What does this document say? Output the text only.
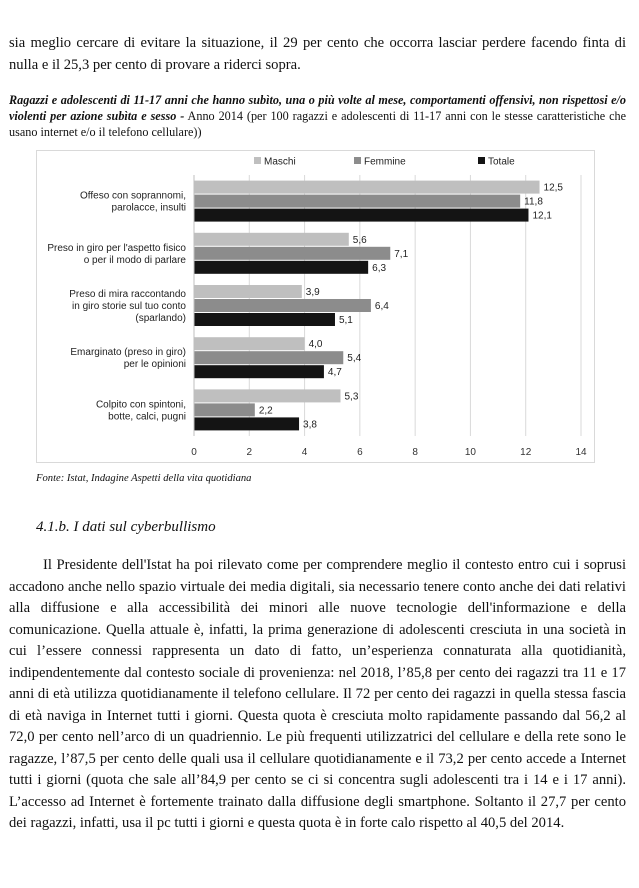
sia meglio cercare di evitare la situazione, il 29 per cento che occorra lasciar perdere facendo finta di nulla e il 25,3 per cento di provare a riderci sopra.

Ragazzi e adolescenti di 11-17 anni che hanno subìto, una o più volte al mese, comportamenti offensivi, non rispettosi e/o violenti per azione subìta e sesso - Anno 2014 (per 100 ragazzi e adolescenti di 11-17 anni con le stesse caratteristiche che usano internet e/o il telefono cellulare))

0	2	4	6	8	10	12	14
Maschi	Femmine	Totale
12,5
11,8
12,1
Offeso con soprannomi,
parolacce, insulti
5,6
7,1
6,3
Preso in giro per l'aspetto fisico
o per il modo di parlare
3,9
6,4
5,1
Preso di mira raccontando
in giro storie sul tuo conto
(sparlando)
4,0
5,4
4,7
Emarginato (preso in giro)
per le opinioni
5,3
2,2
3,8
Colpito con spintoni,
botte, calci, pugni

Fonte: Istat, Indagine Aspetti della vita quotidiana

4.1.b. I dati sul cyberbullismo

Il Presidente dell'Istat ha poi rilevato come per comprendere meglio il contesto entro cui i soprusi accadono anche nello spazio virtuale dei media digitali, sia necessario tenere conto anche dei dati relativi alla diffusione e alla accessibilità dei minori alle nuove tecnologie dell'informazione e della comunicazione. Quella attuale è, infatti, la prima generazione di adolescenti cresciuta in una società in cui l’essere connessi rappresenta un dato di fatto, un’esperienza connaturata alla quotidianità, indipendentemente dal contesto sociale di provenienza: nel 2018, l’85,8 per cento dei ragazzi tra 11 e 17 anni di età utilizza quotidianamente il telefono cellulare. Il 72 per cento dei ragazzi in quella stessa fascia di età naviga in Internet tutti i giorni. Questa quota è cresciuta molto rapidamente passando dal 56,2 al 72,0 per cento nell’arco di un quadriennio. Le più frequenti utilizzatrici del cellulare e della rete sono le ragazze, l’87,5 per cento delle quali usa il cellulare quotidianamente e il 73,2 per cento accede a Internet tutti i giorni (quota che sale all’84,9 per cento se ci si concentra sugli adolescenti tra i 14 e i 17 anni). L’accesso ad Internet è fortemente trainato dalla diffusione degli smartphone. Soltanto il 27,7 per cento dei ragazzi, infatti, usa il pc tutti i giorni e questa quota è in forte calo rispetto al 40,5 del 2014.
